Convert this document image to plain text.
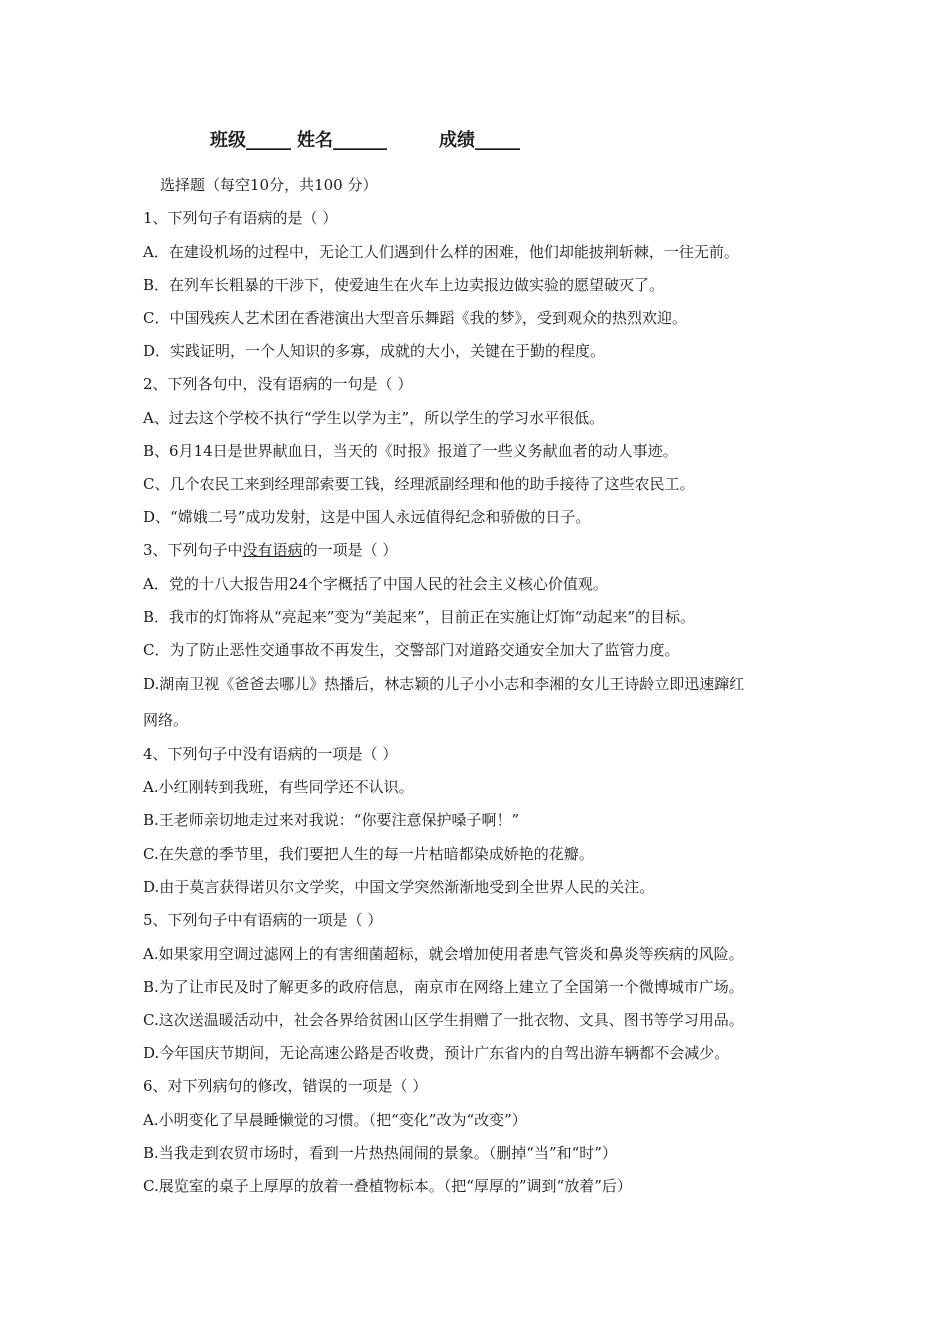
班级_____ 姓名______	成绩_____
选择题（每空10分，共100 分）
1、下列句子有语病的是（ ）
A．在建设机场的过程中，无论工人们遇到什么样的困难，他们却能披荆斩棘，一往无前。
B．在列车长粗暴的干涉下，使爱迪生在火车上边卖报边做实验的愿望破灭了。
C．中国残疾人艺术团在香港演出大型音乐舞蹈《我的梦》，受到观众的热烈欢迎。
D．实践证明，一个人知识的多寡，成就的大小，关键在于勤的程度。
2、下列各句中，没有语病的一句是（ ）
A、过去这个学校不执行“学生以学为主”，所以学生的学习水平很低。
B、6月14日是世界献血日，当天的《时报》报道了一些义务献血者的动人事迹。
C、几个农民工来到经理部索要工钱，经理派副经理和他的助手接待了这些农民工。
D、“嫦娥二号”成功发射，这是中国人永远值得纪念和骄傲的日子。
3、下列句子中没有语病的一项是（ ）
A．党的十八大报告用24个字概括了中国人民的社会主义核心价值观。
B．我市的灯饰将从“亮起来”变为“美起来”，目前正在实施让灯饰“动起来”的目标。
C．为了防止恶性交通事故不再发生，交警部门对道路交通安全加大了监管力度。
D.湖南卫视《爸爸去哪儿》热播后，林志颖的儿子小小志和李湘的女儿王诗龄立即迅速蹿红
网络。
4、下列句子中没有语病的一项是（ ）
A.小红刚转到我班，有些同学还不认识。
B.王老师亲切地走过来对我说：“你要注意保护嗓子啊！”
C.在失意的季节里，我们要把人生的每一片枯暗都染成娇艳的花瓣。
D.由于莫言获得诺贝尔文学奖，中国文学突然渐渐地受到全世界人民的关注。
5、下列句子中有语病的一项是（ ）
A.如果家用空调过滤网上的有害细菌超标，就会增加使用者患气管炎和鼻炎等疾病的风险。
B.为了让市民及时了解更多的政府信息，南京市在网络上建立了全国第一个微博城市广场。
C.这次送温暖活动中，社会各界给贫困山区学生捐赠了一批衣物、文具、图书等学习用品。
D.今年国庆节期间，无论高速公路是否收费，预计广东省内的自驾出游车辆都不会减少。
6、对下列病句的修改，错误的一项是（ ）
A.小明变化了早晨睡懒觉的习惯。（把“变化”改为“改变”）
B.当我走到农贸市场时，看到一片热热闹闹的景象。（删掉“当”和“时”）
C.展览室的桌子上厚厚的放着一叠植物标本。（把“厚厚的”调到“放着”后）
